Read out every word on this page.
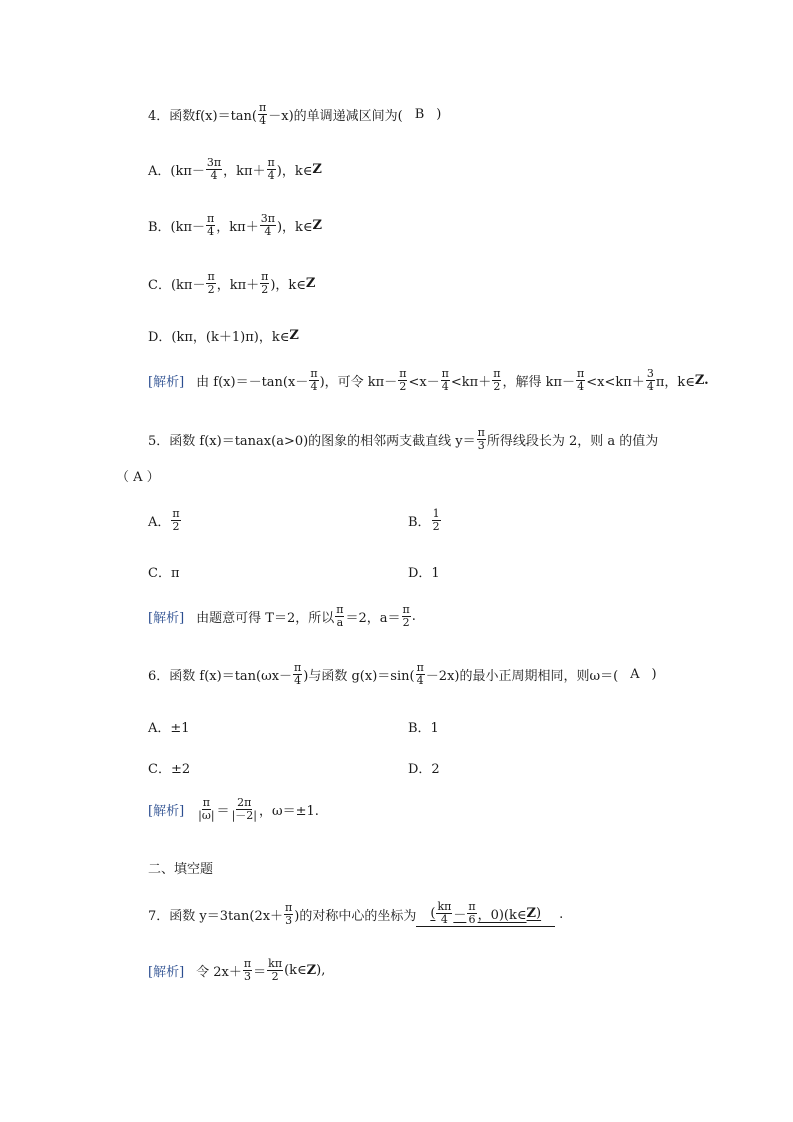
4．函数 $f(x)=\tan( \frac{\pi}{4} -x)$的单调递减区间为( B )
A．($k\pi- \frac{3\pi}{4}$ ，$k\pi+ \frac{\pi}{4}$ )，k∈ Z
B．($k\pi- \frac{\pi}{4}$ ，$k\pi+ \frac{3\pi}{4}$ )，k∈ Z
C．($k\pi- \frac{\pi}{2}$ ，$k\pi+ \frac{\pi}{2}$ )，k∈ Z
D．(kπ，(k＋1)π)，k∈ Z
[解析] 由 $f(x)=-\tan(x- \frac{\pi}{4}$ )，可令 $k\pi- \frac{\pi}{2} <x- \frac{\pi}{4} <k\pi+ \frac{\pi}{2}$ ，解得 $k\pi- \frac{\pi}{4} <x<k\pi+ \frac{3}{4}$ π，k∈ Z.
5．函数 f(x)＝tanax(a>0)的图象的相邻两支截直线 $y= \frac{\pi}{3}$ 所得线段长为 2，则 a 的值为
（ A ）
A． $\frac{\pi}{2}$	B． $\frac{1}{2}$
C．π	D．1
[解析] 由题意可得 T＝2，所以 $\frac{\pi}{a} =2$，$a= \frac{\pi}{2}$ .
6．函数 $f(x)=\tan(\omega x- \frac{\pi}{4}$ )与函数 $g(x)=\sin( \frac{\pi}{4} -2x)$的最小正周期相同，则ω＝( A )
A．±1	B．1
C．±2	D．2
[解析] $\frac{\pi}{|\omega|} = \frac{2\pi}{|-2|}$ ，ω＝±1.
二、填空题
7．函数 $y=3\tan(2x+ \frac{\pi}{3}$ )的对称中心的坐标为 ( $\frac{k\pi}{4} - \frac{\pi}{6}$ ，0)(k∈ Z ) .
[解析] 令 $2x+ \frac{\pi}{3} = \frac{k\pi}{2}$ (k∈ Z ),
